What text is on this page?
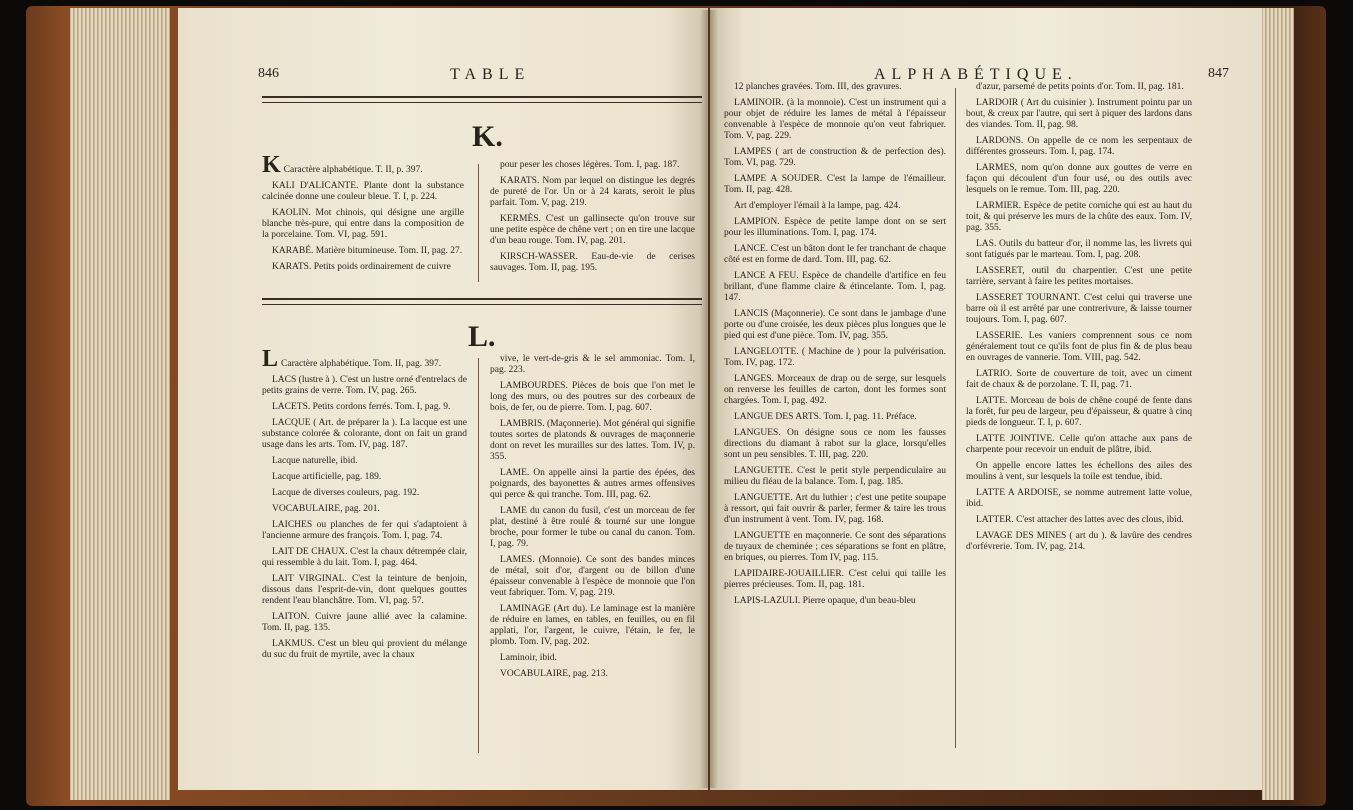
846	TABLE
K.

K Caractère alphabétique. T. II, p. 397.

KALI D'ALICANTE. Plante dont la substance calcinée donne une couleur bleue. T. I, p. 224.

KAOLIN. Mot chinois, qui désigne une argille blanche très-pure, qui entre dans la composition de la porcelaine. Tom. VI, pag. 591.

KARABÉ. Matière bitumineuse. Tom. II, pag. 27.

KARATS. Petits poids ordinairement de cuivre

pour peser les choses légères. Tom. I, pag. 187.

KARATS. Nom par lequel on distingue les degrés de pureté de l'or. Un or à 24 karats, seroit le plus parfait. Tom. V, pag. 219.

KERMÈS. C'est un gallinsecte qu'on trouve sur une petite espèce de chêne vert ; on en tire une lacque d'un beau rouge. Tom. IV, pag. 201.

KIRSCH-WASSER. Eau-de-vie de cerises sauvages. Tom. II, pag. 195.

L.

L Caractère alphabétique. Tom. II, pag. 397.

LACS (lustre à ). C'est un lustre orné d'entrelacs de petits grains de verre. Tom. IV, pag. 265.

LACETS. Petits cordons ferrés. Tom. I, pag. 9.

LACQUE ( Art. de préparer la ). La lacque est une substance colorée & colorante, dont on fait un grand usage dans les arts. Tom. IV, pag. 187.

Lacque naturelle, ibid.

Lacque artificielle, pag. 189.

Lacque de diverses couleurs, pag. 192.

VOCABULAIRE, pag. 201.

LAICHES ou planches de fer qui s'adaptoient à l'ancienne armure des françois. Tom. I, pag. 74.

LAIT DE CHAUX. C'est la chaux détrempée clair, qui ressemble à du lait. Tom. I, pag. 464.

LAIT VIRGINAL. C'est la teinture de benjoin, dissous dans l'esprit-de-vin, dont quelques gouttes rendent l'eau blanchâtre. Tom. VI, pag. 57.

LAITON. Cuivre jaune allié avec la calamine. Tom. II, pag. 135.

LAKMUS. C'est un bleu qui provient du mélange du suc du fruit de myrtile, avec la chaux

vive, le vert-de-gris & le sel ammoniac. Tom. I, pag. 223.

LAMBOURDES. Pièces de bois que l'on met le long des murs, ou des poutres sur des corbeaux de bois, de fer, ou de pierre. Tom. I, pag. 607.

LAMBRIS. (Maçonnerie). Mot général qui signifie toutes sortes de platonds & ouvrages de maçonnerie dont on revet les murailles sur des lattes. Tom. IV, p. 355.

LAME. On appelle ainsi la partie des épées, des poignards, des bayonettes & autres armes offensives qui perce & qui tranche. Tom. III, pag. 62.

LAME du canon du fusil, c'est un morceau de fer plat, destiné à être roulé & tourné sur une longue broche, pour former le tube ou canal du canon. Tom. I, pag. 79.

LAMES. (Monnoie). Ce sont des bandes minces de métal, soit d'or, d'argent ou de billon d'une épaisseur convenable à l'espèce de monnoie que l'on veut fabriquer. Tom. V, pag. 219.

LAMINAGE (Art du). Le laminage est la manière de réduire en lames, en tables, en feuilles, ou en fil applati, l'or, l'argent, le cuivre, l'étain, le fer, le plomb. Tom. IV, pag. 202.

Laminoir, ibid.

VOCABULAIRE, pag. 213.

ALPHABÉTIQUE.	847

12 planches gravées. Tom. III, des gravures.

LAMINOIR. (à la monnoie). C'est un instrument qui a pour objet de réduire les lames de métal à l'épaisseur convenable à l'espèce de monnoie qu'on veut fabriquer. Tom. V, pag. 229.

LAMPES ( art de construction & de perfection des). Tom. VI, pag. 729.

LAMPE A SOUDER. C'est la lampe de l'émailleur. Tom. II, pag. 428.

Art d'employer l'émail à la lampe, pag. 424.

LAMPION. Espèce de petite lampe dont on se sert pour les illuminations. Tom. I, pag. 174.

LANCE. C'est un bâton dont le fer tranchant de chaque côté est en forme de dard. Tom. III, pag. 62.

LANCE A FEU. Espèce de chandelle d'artifice en feu brillant, d'une flamme claire & étincelante. Tom. I, pag. 147.

LANCIS (Maçonnerie). Ce sont dans le jambage d'une porte ou d'une croisée, les deux pièces plus longues que le pied qui est d'une pièce. Tom. IV, pag. 355.

LANGELOTTE. ( Machine de ) pour la pulvérisation. Tom. IV, pag. 172.

LANGES. Morceaux de drap ou de serge, sur lesquels on renverse les feuilles de carton, dont les formes sont chargées. Tom. I, pag. 492.

LANGUE DES ARTS. Tom. I, pag. 11. Préface.

LANGUES. On désigne sous ce nom les fausses directions du diamant à rabot sur la glace, lorsqu'elles sont un peu sensibles. T. III, pag. 220.

LANGUETTE. C'est le petit style perpendiculaire au milieu du fléau de la balance. Tom. I, pag. 185.

LANGUETTE. Art du luthier ; c'est une petite soupape à ressort, qui fait ouvrir & parler, fermer & taire les trous d'un instrument à vent. Tom. IV, pag. 168.

LANGUETTE en maçonnerie. Ce sont des séparations de tuyaux de cheminée ; ces séparations se font en plâtre, en briques, ou pierres. Tom IV, pag. 115.

LAPIDAIRE-JOUAILLIER. C'est celui qui taille les pierres précieuses. Tom. II, pag. 181.

LAPIS-LAZULI. Pierre opaque, d'un beau-bleu

d'azur, parsemé de petits points d'or. Tom. II, pag. 181.

LARDOIR ( Art du cuisinier ). Instrument pointu par un bout, & creux par l'autre, qui sert à piquer des lardons dans des viandes. Tom. II, pag. 98.

LARDONS. On appelle de ce nom les serpentaux de différentes grosseurs. Tom. I, pag. 174.

LARMES, nom qu'on donne aux gouttes de verre en façon qui découlent d'un four usé, ou des outils avec lesquels on le remue. Tom. III, pag. 220.

LARMIER. Espèce de petite corniche qui est au haut du toit, & qui préserve les murs de la chûte des eaux. Tom. IV, pag. 355.

LAS. Outils du batteur d'or, il nomme las, les livrets qui sont fatigués par le marteau. Tom. I, pag. 208.

LASSERET, outil du charpentier. C'est une petite tarrière, servant à faire les petites mortaises.

LASSERET TOURNANT. C'est celui qui traverse une barre où il est arrêté par une contrerivure, & laisse tourner toujours. Tom. I, pag. 607.

LASSERIE. Les vaniers comprennent sous ce nom généralement tout ce qu'ils font de plus fin & de plus beau en ouvrages de vannerie. Tom. VIII, pag. 542.

LATRIO. Sorte de couverture de toit, avec un ciment fait de chaux & de porzolane. T. II, pag. 71.

LATTE. Morceau de bois de chêne coupé de fente dans la forêt, fur peu de largeur, peu d'épaisseur, & quatre à cinq pieds de longueur. T. I, p. 607.

LATTE JOINTIVE. Celle qu'on attache aux pans de charpente pour recevoir un enduit de plâtre, ibid.

On appelle encore lattes les échellons des ailes des moulins à vent, sur lesquels la toile est tendue, ibid.

LATTE A ARDOISE, se nomme autrement latte volue, ibid.

LATTER. C'est attacher des lattes avec des clous, ibid.

LAVAGE DES MINES ( art du ). & lavûre des cendres d'orfévrerie. Tom. IV, pag. 214.
